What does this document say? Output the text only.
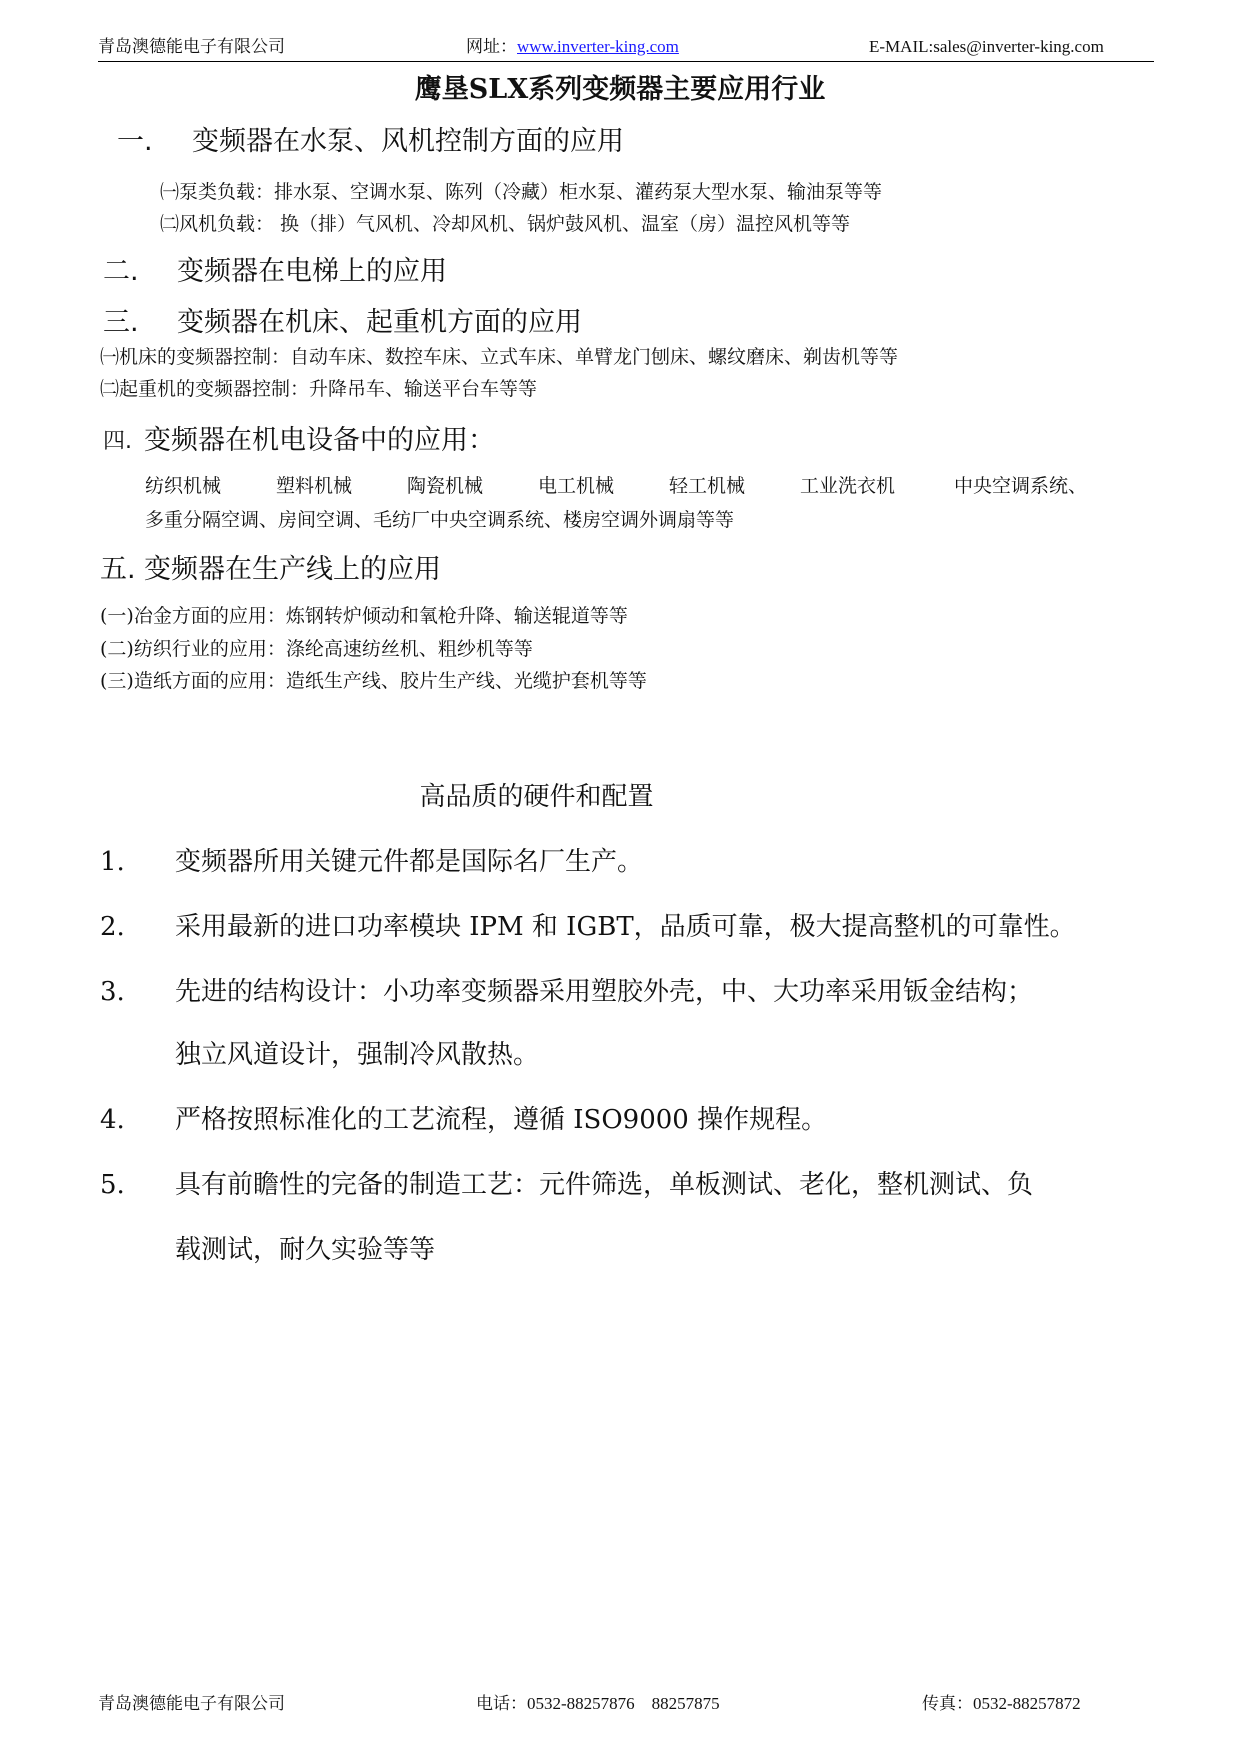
青岛澳德能电子有限公司	网址：www.inverter-king.com	E-MAIL:sales@inverter-king.com
鹰垦SLX系列变频器主要应用行业
一. 变频器在水泵、风机控制方面的应用
㈠泵类负载：排水泵、空调水泵、陈列（冷藏）柜水泵、灌药泵大型水泵、输油泵等等
㈡风机负载： 换（排）气风机、冷却风机、锅炉鼓风机、温室（房）温控风机等等
二. 变频器在电梯上的应用
三. 变频器在机床、起重机方面的应用
㈠机床的变频器控制：自动车床、数控车床、立式车床、单臂龙门刨床、螺纹磨床、剃齿机等等
㈡起重机的变频器控制：升降吊车、输送平台车等等
四. 变频器在机电设备中的应用：
纺织机械	塑料机械	陶瓷机械	电工机械	轻工机械	工业洗衣机	中央空调系统、
多重分隔空调、房间空调、毛纺厂中央空调系统、楼房空调外调扇等等
五. 变频器在生产线上的应用
(一)冶金方面的应用：炼钢转炉倾动和氧枪升降、输送辊道等等
(二)纺织行业的应用：涤纶高速纺丝机、粗纱机等等
(三)造纸方面的应用：造纸生产线、胶片生产线、光缆护套机等等
高品质的硬件和配置
1. 变频器所用关键元件都是国际名厂生产。
2. 采用最新的进口功率模块 IPM 和 IGBT，品质可靠，极大提高整机的可靠性。
3. 先进的结构设计：小功率变频器采用塑胶外壳，中、大功率采用钣金结构；
独立风道设计，强制冷风散热。
4. 严格按照标准化的工艺流程，遵循 ISO9000 操作规程。
5. 具有前瞻性的完备的制造工艺：元件筛选，单板测试、老化，整机测试、负
载测试，耐久实验等等
青岛澳德能电子有限公司	电话：0532-88257876　88257875	传真：0532-88257872
